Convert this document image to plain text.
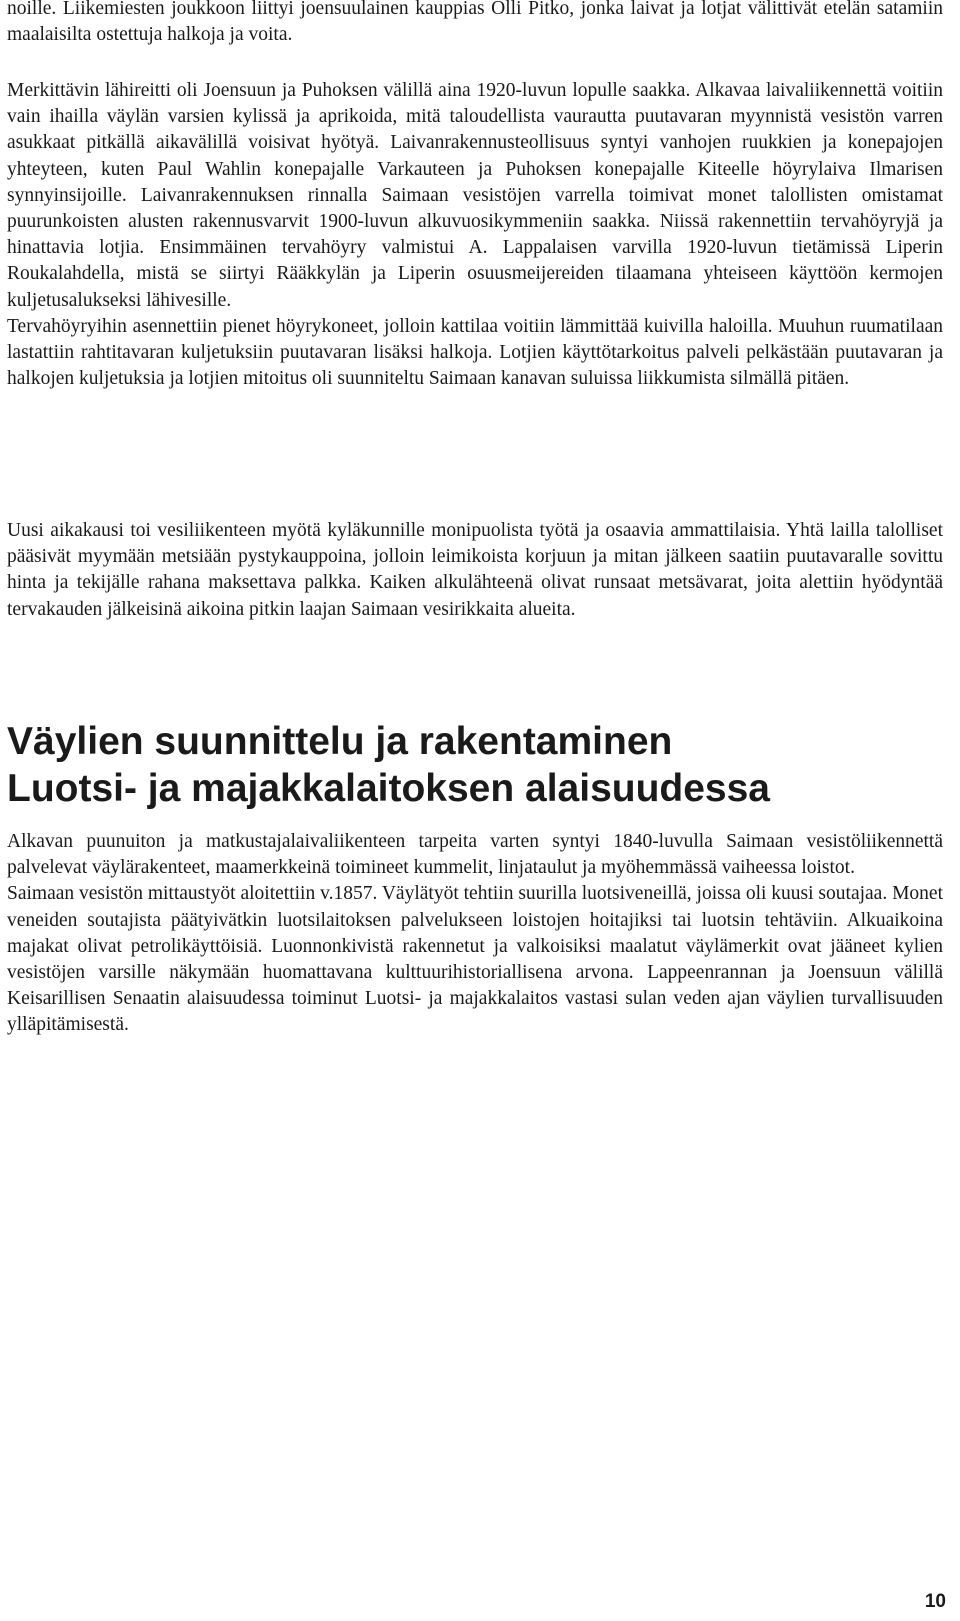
noille. Liikemiesten joukkoon liittyi joensuulainen kauppias Olli Pitko, jonka laivat ja lotjat välittivät etelän satamiin maalaisilta ostettuja halkoja ja voita.

Merkittävin lähireitti oli Joensuun ja Puhoksen välillä aina 1920-luvun lopulle saakka. Alkavaa laivaliikennettä voitiin vain ihailla väylän varsien kylissä ja aprikoida, mitä taloudellista vaurautta puutavaran myynnistä vesistön varren asukkaat pitkällä aikavälillä voisivat hyötyä. Laivanrakennusteollisuus syntyi vanhojen ruukkien ja konepajojen yhteyteen, kuten Paul Wahlin konepajalle Varkauteen ja Puhoksen konepajalle Kiteelle höyrylaiva Ilmarisen synnyinsijoille. Laivanrakennuksen rinnalla Saimaan vesistöjen varrella toimivat monet talollisten omistamat puurunkoisten alusten rakennusvarvit 1900-luvun alkuvuosikymmeniin saakka. Niissä rakennettiin tervahöyryjä ja hinattavia lotjia. Ensimmäinen tervahöyry valmistui A. Lappalaisen varvilla 1920-luvun tietämissä Liperin Roukalahdella, mistä se siirtyi Rääkkylän ja Liperin osuusmeijereiden tilaamana yhteiseen käyttöön kermojen kuljetusalukseksi lähivesille.

Tervahöyryihin asennettiin pienet höyrykoneet, jolloin kattilaa voitiin lämmittää kuivilla haloilla. Muuhun ruumatilaan lastattiin rahtitavaran kuljetuksiin puutavaran lisäksi halkoja. Lotjien käyttötarkoitus palveli pelkästään puutavaran ja halkojen kuljetuksia ja lotjien mitoitus oli suunniteltu Saimaan kanavan suluissa liikkumista silmällä pitäen.

Uusi aikakausi toi vesiliikenteen myötä kyläkunnille monipuolista työtä ja osaavia ammattilaisia. Yhtä lailla talolliset pääsivät myymään metsiään pystykauppoina, jolloin leimikoista korjuun ja mitan jälkeen saatiin puutavaralle sovittu hinta ja tekijälle rahana maksettava palkka. Kaiken alkulähteenä olivat runsaat metsävarat, joita alettiin hyödyntää tervakauden jälkeisinä aikoina pitkin laajan Saimaan vesirikkaita alueita.

Väylien suunnittelu ja rakentaminen
Luotsi- ja majakkalaitoksen alaisuudessa

Alkavan puunuiton ja matkustajalaivaliikenteen tarpeita varten syntyi 1840-luvulla Saimaan vesistöliikennettä palvelevat väylärakenteet, maamerkkeinä toimineet kummelit, linjataulut ja myöhemmässä vaiheessa loistot.

Saimaan vesistön mittaustyöt aloitettiin v.1857. Väylätyöt tehtiin suurilla luotsiveneillä, joissa oli kuusi soutajaa. Monet veneiden soutajista päätyivätkin luotsilaitoksen palvelukseen loistojen hoitajiksi tai luotsin tehtäviin. Alkuaikoina majakat olivat petrolikäyttöisiä. Luonnonkivistä rakennetut ja valkoisiksi maalatut väylämerkit ovat jääneet kylien vesistöjen varsille näkymään huomattavana kulttuurihistoriallisena arvona. Lappeenrannan ja Joensuun välillä Keisarillisen Senaatin alaisuudessa toiminut Luotsi- ja majakkalaitos vastasi sulan veden ajan väylien turvallisuuden ylläpitämisestä.

10
